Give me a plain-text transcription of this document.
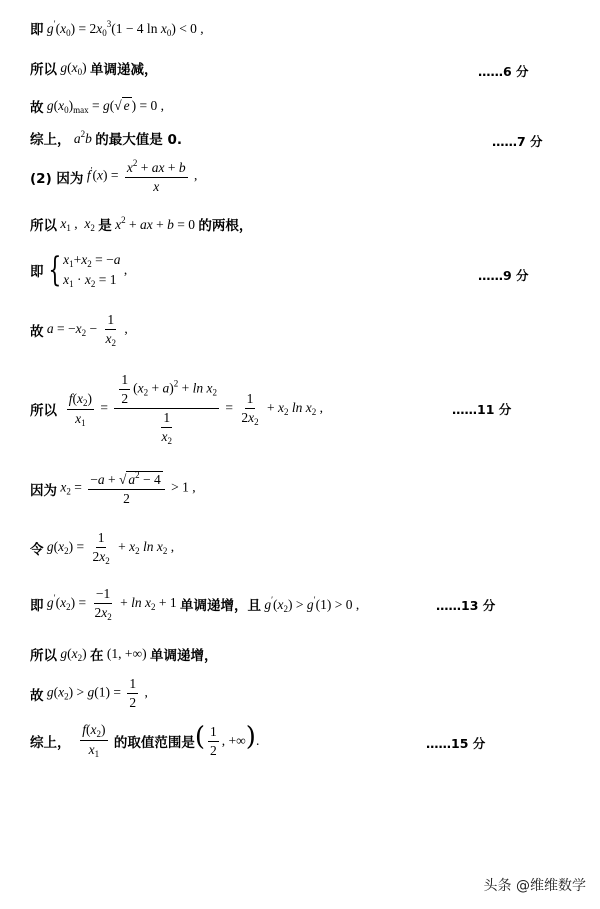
即 $g'(x_0) = 2x_0^3(1 - 4$ $\ln x_0) < 0$ ,
所以 $g(x_0)$ 单调递减，	……6 分
故 $g(x_0)_{max} = g(√$ e ) = 0 ,
综上， $a^2b$ 的最大值是 0.	……7 分
(2) 因为 $f'(x) = \frac{x^2 + ax + b}{x}$ ,
所以 $x_1$ ,  $x_2$ 是 $x^2$ + ax + b = 0 的两根，
即 { $x_1+x_2 = -a$
$x_1 \cdot x_2 = 1$
,	……9 分
故 $a = -x_2 - \frac{1}{x_2}$ ,
所以
$\frac{f(x_2)}{x_1} = \frac{\frac{1}{2} (x_2 + a)^2 + \ln x_2}{\frac{1}{x_2}} = \frac{1}{2x_2} + x_2$ $\ln x_2$ ,	……11 分
因为 $x_2 = \frac{-a + √ a^2 - 4}{2} > 1$ ,
令 $g(x_2) = \frac{1}{2x_2} + x_2$ $\ln x_2$ ,
即 $g'(x_2) = \frac{-1}{2x_2} + \ln x_2 + 1$ 单调递增，且 $g'(x_2) > g'(1) > 0$ ,	……13 分
所以 $g(x_2)$ 在 (1, +∞) 单调递增，
故 $g(x_2) > g(1) = \frac{1}{2}$ ,
综上，
$\frac{f(x_2)}{x_1}$
的取值范围是 ( $\frac{1}{2}$ , +∞).	……15 分
头条 @维维数学
